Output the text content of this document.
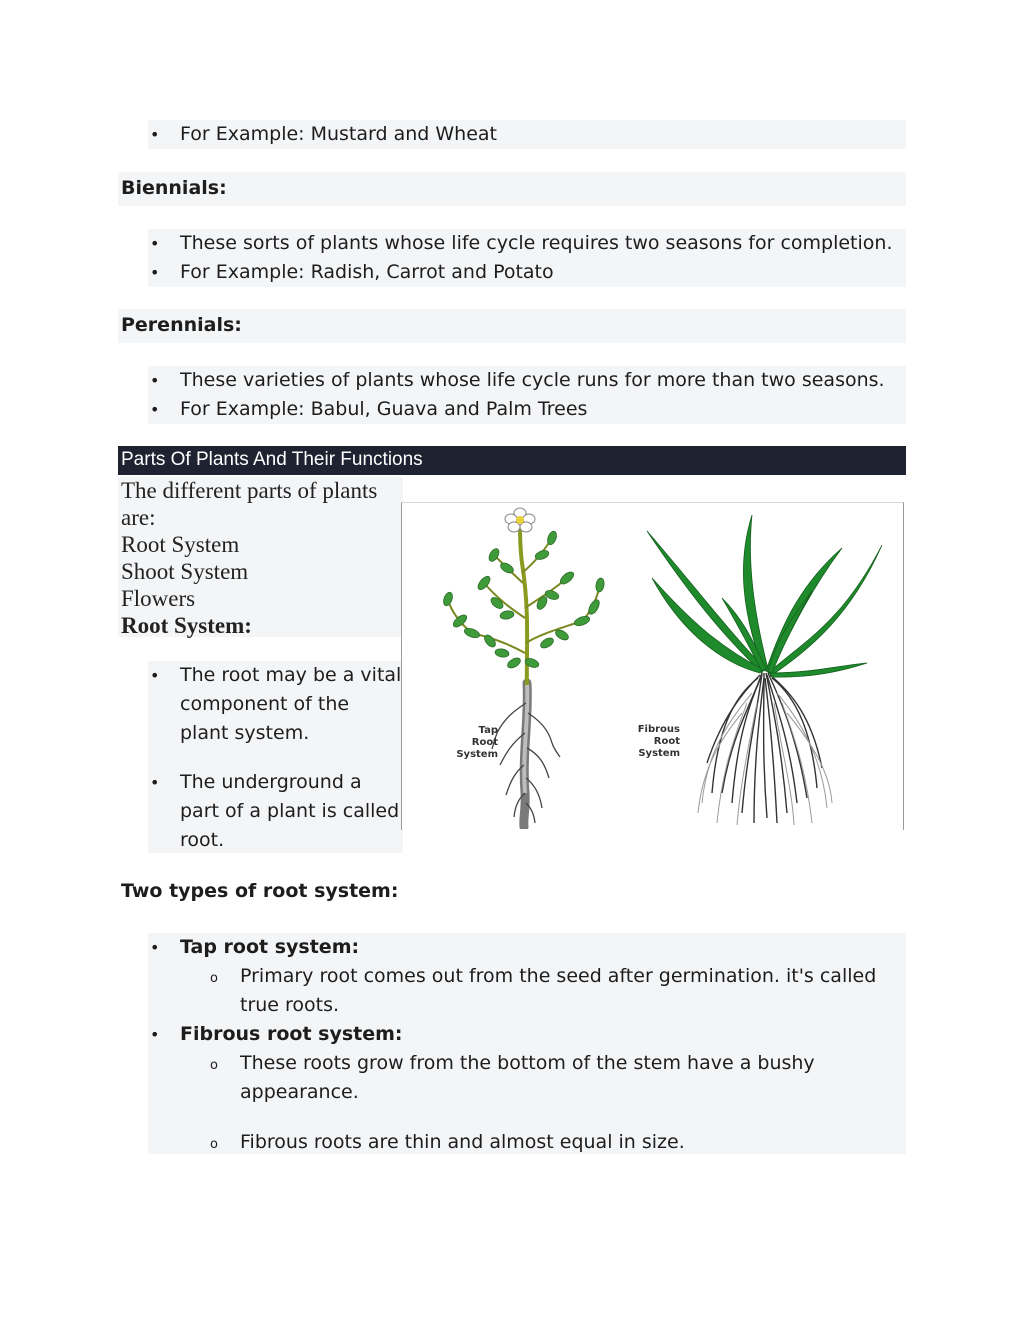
• For Example: Mustard and Wheat
Biennials:
• These sorts of plants whose life cycle requires two seasons for completion.
• For Example: Radish, Carrot and Potato
Perennials:
• These varieties of plants whose life cycle runs for more than two seasons.
• For Example: Babul, Guava and Palm Trees
Parts Of Plants And Their Functions
The different parts of plants
are:
Root System
Shoot System
Flowers
Root System:
• The root may be a vital
component of the
plant system.
• The underground a
part of a plant is called
root.
Tap
Root
System
Fibrous
Root
System
Two types of root system:
• Tap root system:
o Primary root comes out from the seed after germination. it's called
true roots.
• Fibrous root system:
o These roots grow from the bottom of the stem have a bushy
appearance.
o Fibrous roots are thin and almost equal in size.
